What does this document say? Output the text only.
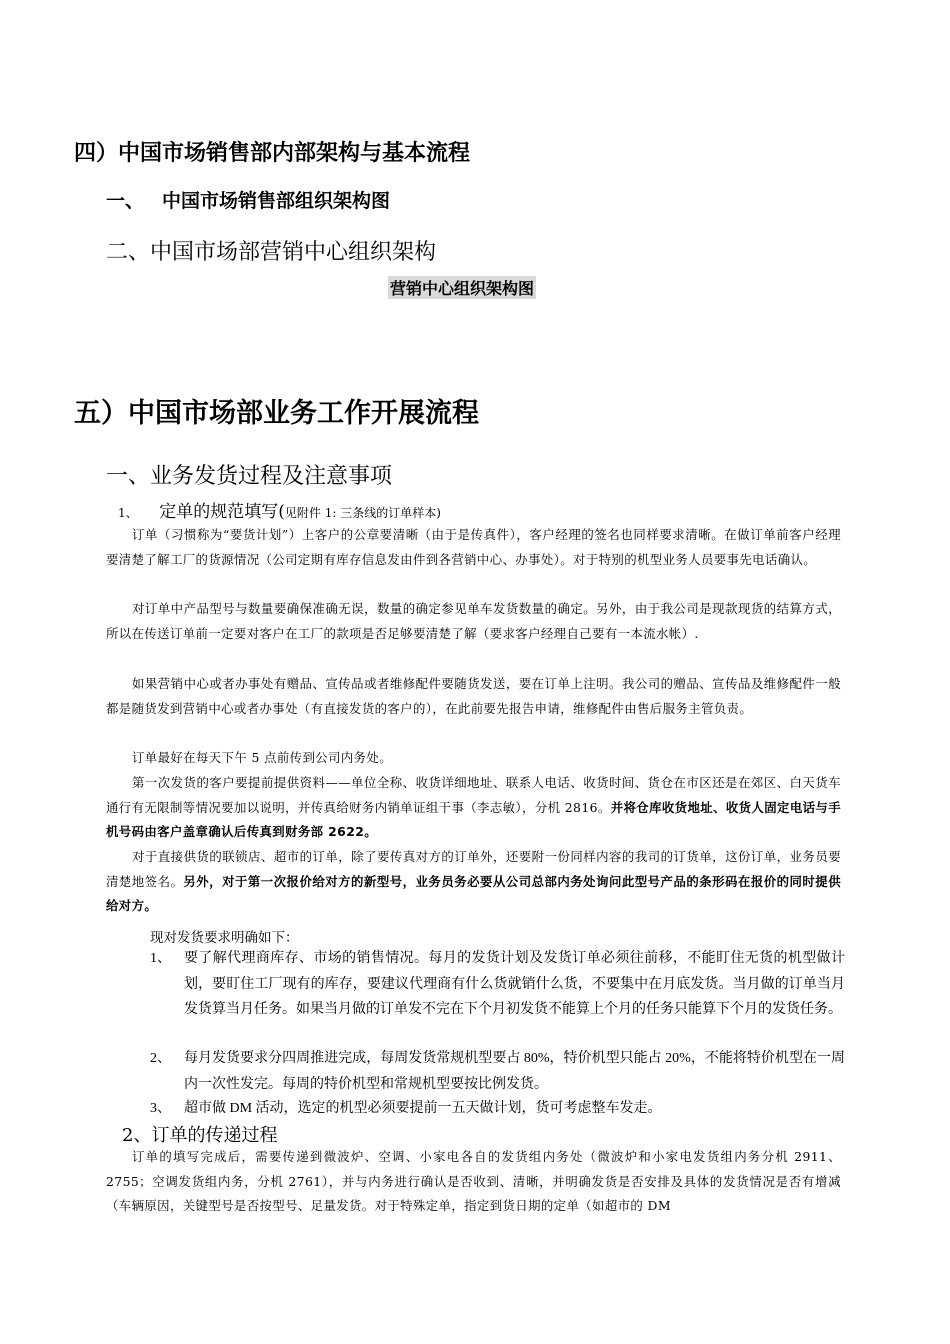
四）中国市场销售部内部架构与基本流程
一、 中国市场销售部组织架构图
二、中国市场部营销中心组织架构
营销中心组织架构图
五）中国市场部业务工作开展流程
一、业务发货过程及注意事项
1、 定单的规范填写(见附件 1: 三条线的订单样本)
订单（习惯称为“要货计划”）上客户的公章要清晰（由于是传真件），客户经理的签名也同样要求清晰。在做订单前客户经理要清楚了解工厂的货源情况（公司定期有库存信息发由件到各营销中心、办事处）。对于特别的机型业务人员要事先电话确认。
对订单中产品型号与数量要确保准确无误，数量的确定参见单车发货数量的确定。另外，由于我公司是现款现货的结算方式，所以在传送订单前一定要对客户在工厂的款项是否足够要清楚了解（要求客户经理自己要有一本流水帐）.
如果营销中心或者办事处有赠品、宣传品或者维修配件要随货发送，要在订单上注明。我公司的赠品、宣传品及维修配件一般都是随货发到营销中心或者办事处（有直接发货的客户的），在此前要先报告申请，维修配件由售后服务主管负责。
订单最好在每天下午 5 点前传到公司内务处。
第一次发货的客户要提前提供资料——单位全称、收货详细地址、联系人电话、收货时间、货仓在市区还是在郊区、白天货车通行有无限制等情况要加以说明，并传真给财务内销单证组干事（李志敏），分机 2816。并将仓库收货地址、收货人固定电话与手机号码由客户盖章确认后传真到财务部 2622。
对于直接供货的联锁店、超市的订单，除了要传真对方的订单外，还要附一份同样内容的我司的订货单，这份订单，业务员要清楚地签名。另外，对于第一次报价给对方的新型号，业务员务必要从公司总部内务处询问此型号产品的条形码在报价的同时提供给对方。
现对发货要求明确如下：
1、 要了解代理商库存、市场的销售情况。每月的发货计划及发货订单必须往前移，不能盯住无货的机型做计划，要盯住工厂现有的库存，要建议代理商有什么货就销什么货，不要集中在月底发货。当月做的订单当月发货算当月任务。如果当月做的订单发不完在下个月初发货不能算上个月的任务只能算下个月的发货任务。
2、 每月发货要求分四周推进完成，每周发货常规机型要占 80%，特价机型只能占 20%，不能将特价机型在一周内一次性发完。每周的特价机型和常规机型要按比例发货。
3、 超市做 DM 活动，选定的机型必须要提前一五天做计划，货可考虑整车发走。
2、订单的传递过程
订单的填写完成后，需要传递到微波炉、空调、小家电各自的发货组内务处（微波炉和小家电发货组内务分机 2911、2755；空调发货组内务，分机 2761），并与内务进行确认是否收到、清晰，并明确发货是否安排及具体的发货情况是否有增减（车辆原因，关键型号是否按型号、足量发货。对于特殊定单，指定到货日期的定单（如超市的 DM
